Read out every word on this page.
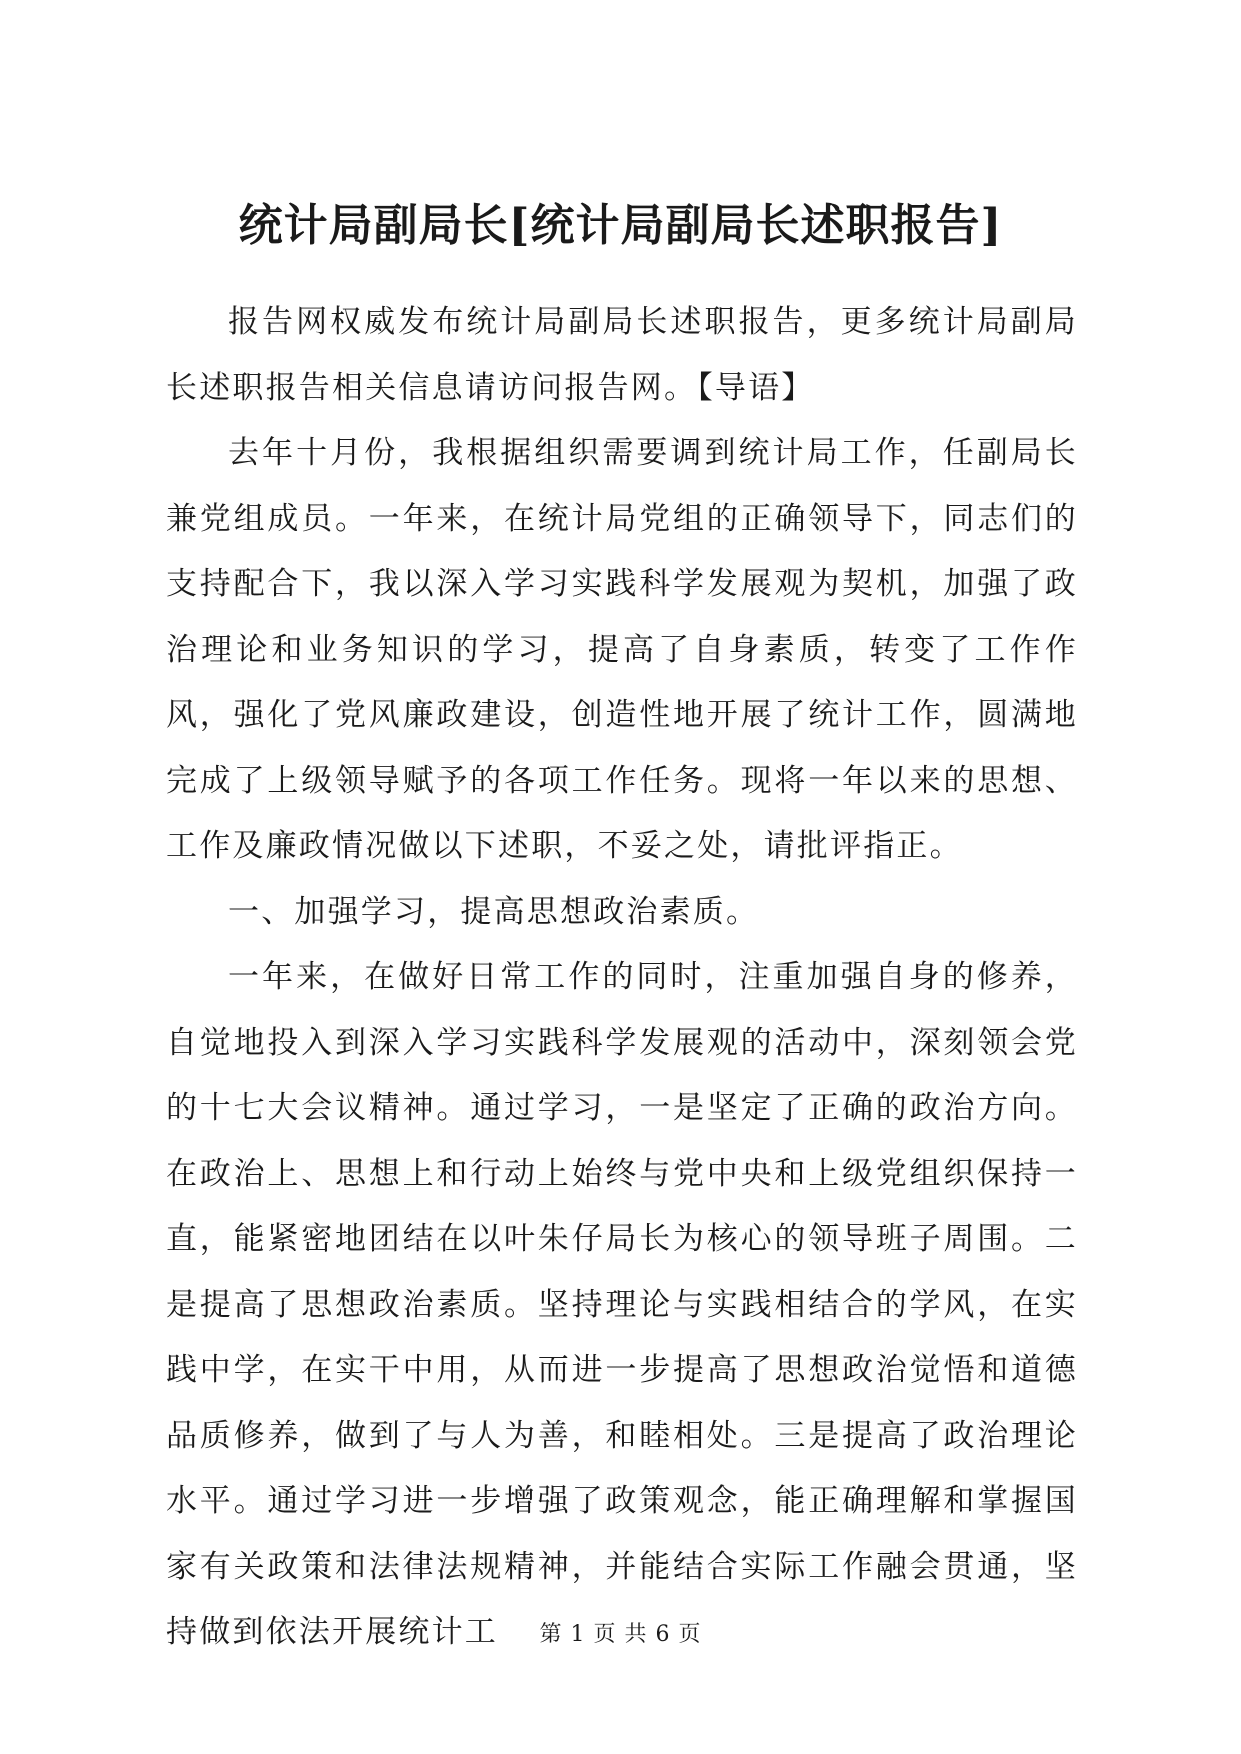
统计局副局长[统计局副局长述职报告]

报告网权威发布统计局副局长述职报告，更多统计局副局长述职报告相关信息请访问报告网。【导语】

去年十月份，我根据组织需要调到统计局工作，任副局长兼党组成员。一年来，在统计局党组的正确领导下，同志们的支持配合下，我以深入学习实践科学发展观为契机，加强了政治理论和业务知识的学习，提高了自身素质，转变了工作作风，强化了党风廉政建设，创造性地开展了统计工作，圆满地完成了上级领导赋予的各项工作任务。现将一年以来的思想、工作及廉政情况做以下述职，不妥之处，请批评指正。

一、加强学习，提高思想政治素质。

一年来，在做好日常工作的同时，注重加强自身的修养，自觉地投入到深入学习实践科学发展观的活动中，深刻领会党的十七大会议精神。通过学习，一是坚定了正确的政治方向。在政治上、思想上和行动上始终与党中央和上级党组织保持一直，能紧密地团结在以叶朱仔局长为核心的领导班子周围。二是提高了思想政治素质。坚持理论与实践相结合的学风，在实践中学，在实干中用，从而进一步提高了思想政治觉悟和道德品质修养，做到了与人为善，和睦相处。三是提高了政治理论水平。通过学习进一步增强了政策观念，能正确理解和掌握国家有关政策和法律法规精神，并能结合实际工作融会贯通，坚持做到依法开展统计工	第 1 页 共 6 页
